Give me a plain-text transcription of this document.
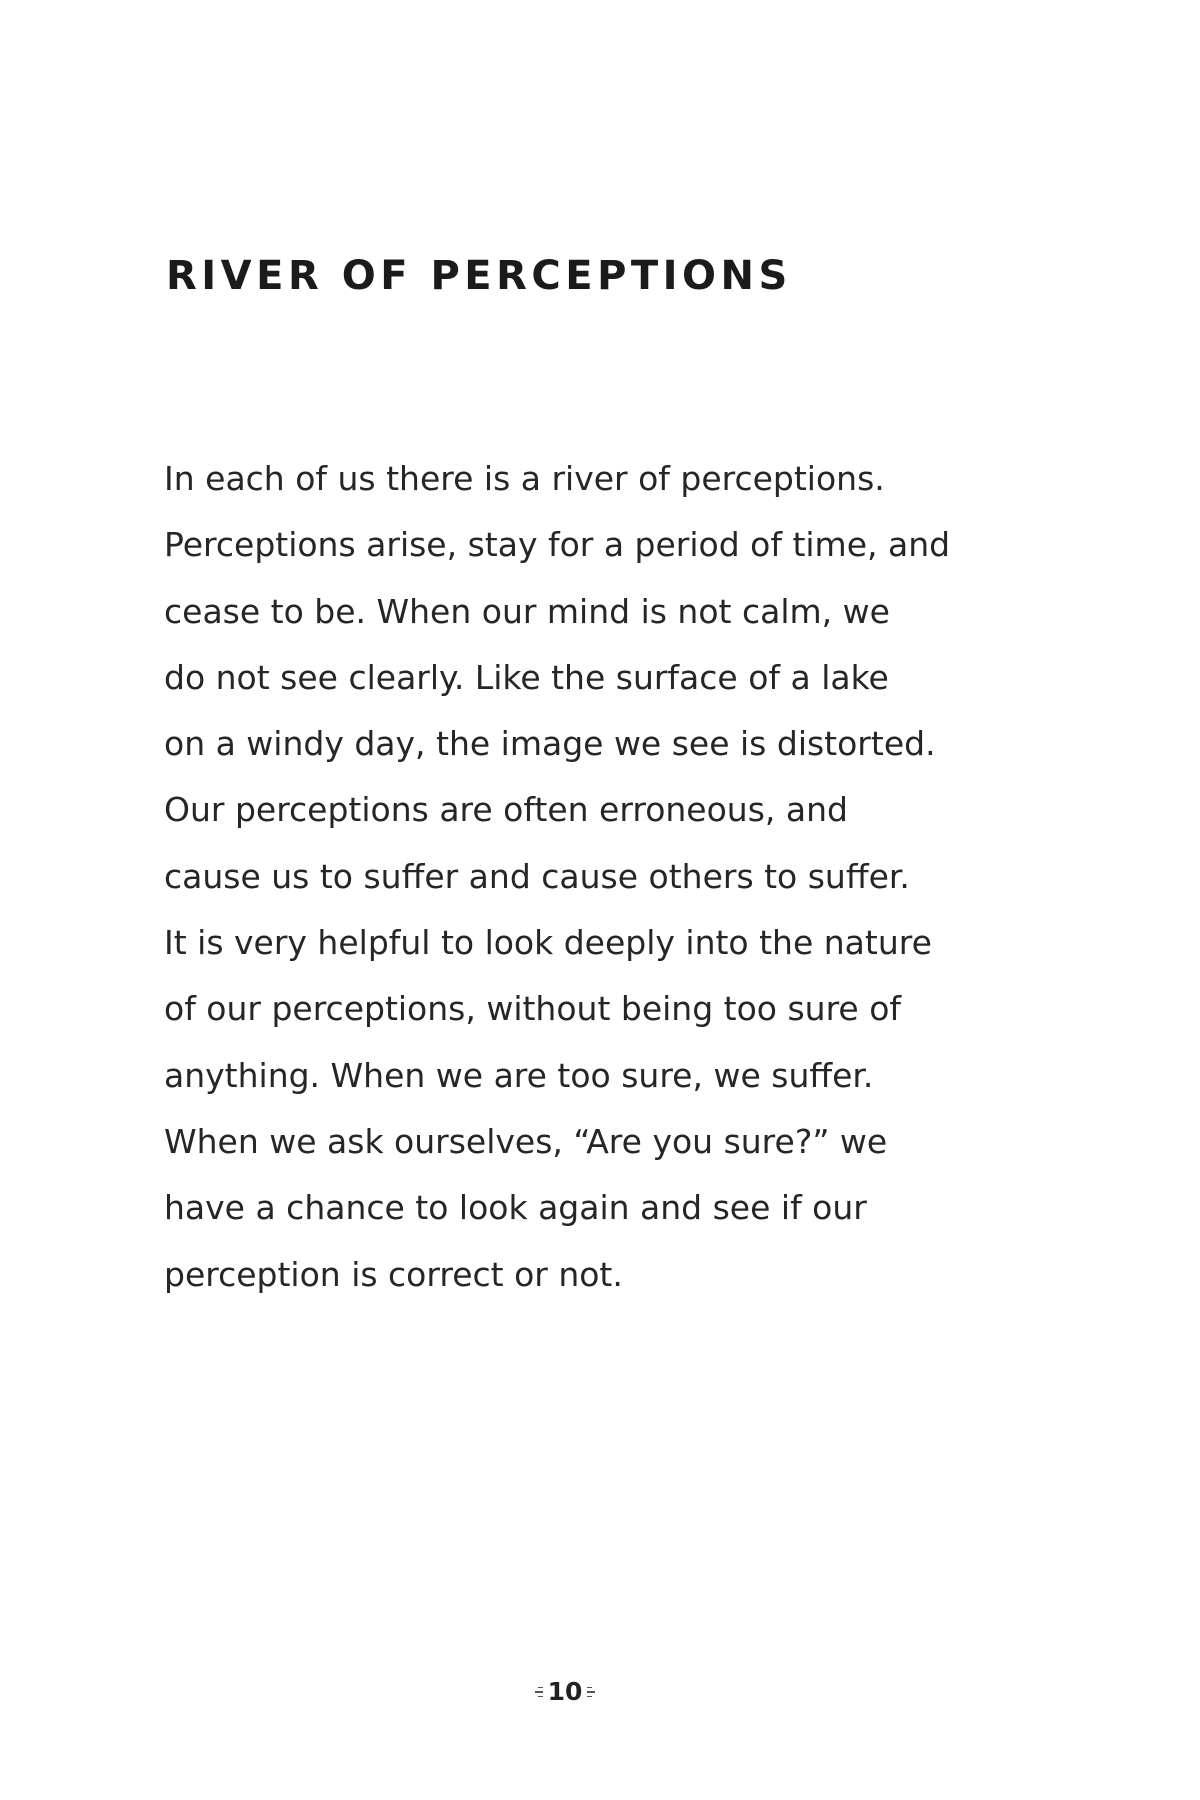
RIVER OF PERCEPTIONS
In each of us there is a river of perceptions.
Perceptions arise, stay for a period of time, and
cease to be. When our mind is not calm, we
do not see clearly. Like the surface of a lake
on a windy day, the image we see is distorted.
Our perceptions are often erroneous, and
cause us to suffer and cause others to suffer.
It is very helpful to look deeply into the nature
of our perceptions, without being too sure of
anything. When we are too sure, we suffer.
When we ask ourselves, “Are you sure?” we
have a chance to look again and see if our
perception is correct or not.
10
